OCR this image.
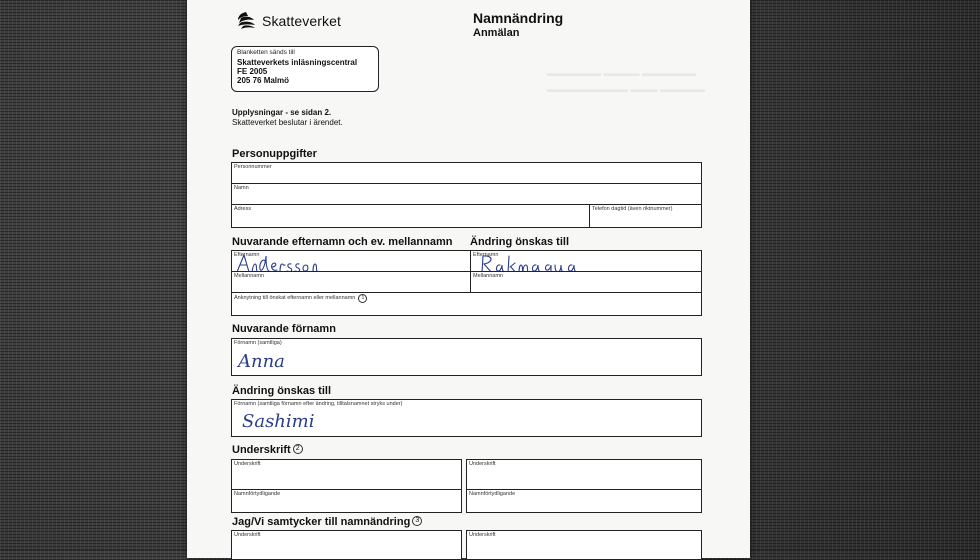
▬▬▬▬▬▬ ▬▬▬▬ ▬▬▬▬▬▬
▬▬▬▬▬▬▬▬▬ ▬▬▬ ▬▬▬▬▬
Skatteverket	Namnändring
Anmälan
Blanketten sänds till
Skatteverkets inläsningscentral
FE 2005
205 76 Malmö
Upplysningar - se sidan 2.
Skatteverket beslutar i ärendet.
Personuppgifter
Personnummer
Namn
Adress	Telefon dagtid (även riktnummer)
Nuvarande efternamn och ev. mellannamn Ändring önskas till
Efternamn	Efternamn
Mellannamn	Mellannamn
Anknytning till önskat efternamn eller mellannamn 1
Nuvarande förnamn
Förnamn (samtliga)
Anna
Ändring önskas till
Förnamn (samtliga förnamn efter ändring, tilltalsnamnet stryks under)
Sashimi
Underskrift 2
Underskrift	Underskrift
Namnförtydligande	Namnförtydligande
Jag/Vi samtycker till namnändring 3
Underskrift	Underskrift
